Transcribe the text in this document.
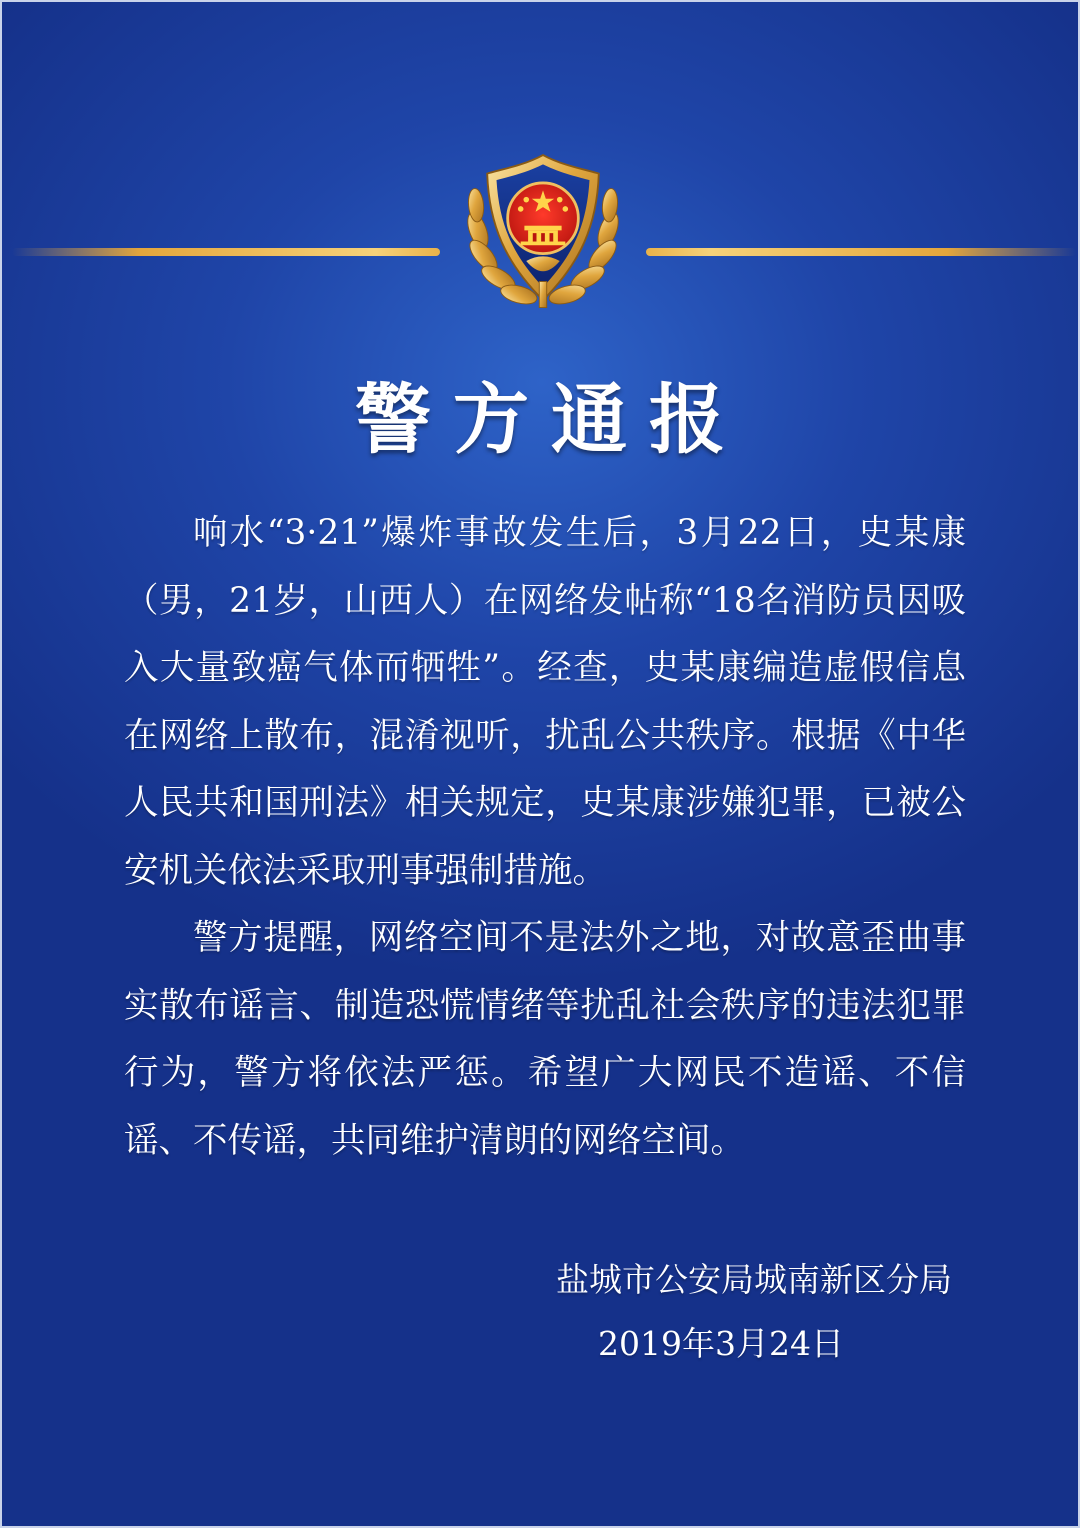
警方通报

响水“3·21”爆炸事故发生后，3月22日，史某康（男，21岁，山西人）在网络发帖称“18名消防员因吸入大量致癌气体而牺牲”。经查，史某康编造虚假信息在网络上散布，混淆视听，扰乱公共秩序。根据《中华人民共和国刑法》相关规定，史某康涉嫌犯罪，已被公安机关依法采取刑事强制措施。

警方提醒，网络空间不是法外之地，对故意歪曲事实散布谣言、制造恐慌情绪等扰乱社会秩序的违法犯罪行为，警方将依法严惩。希望广大网民不造谣、不信谣、不传谣，共同维护清朗的网络空间。

盐城市公安局城南新区分局
2019年3月24日
